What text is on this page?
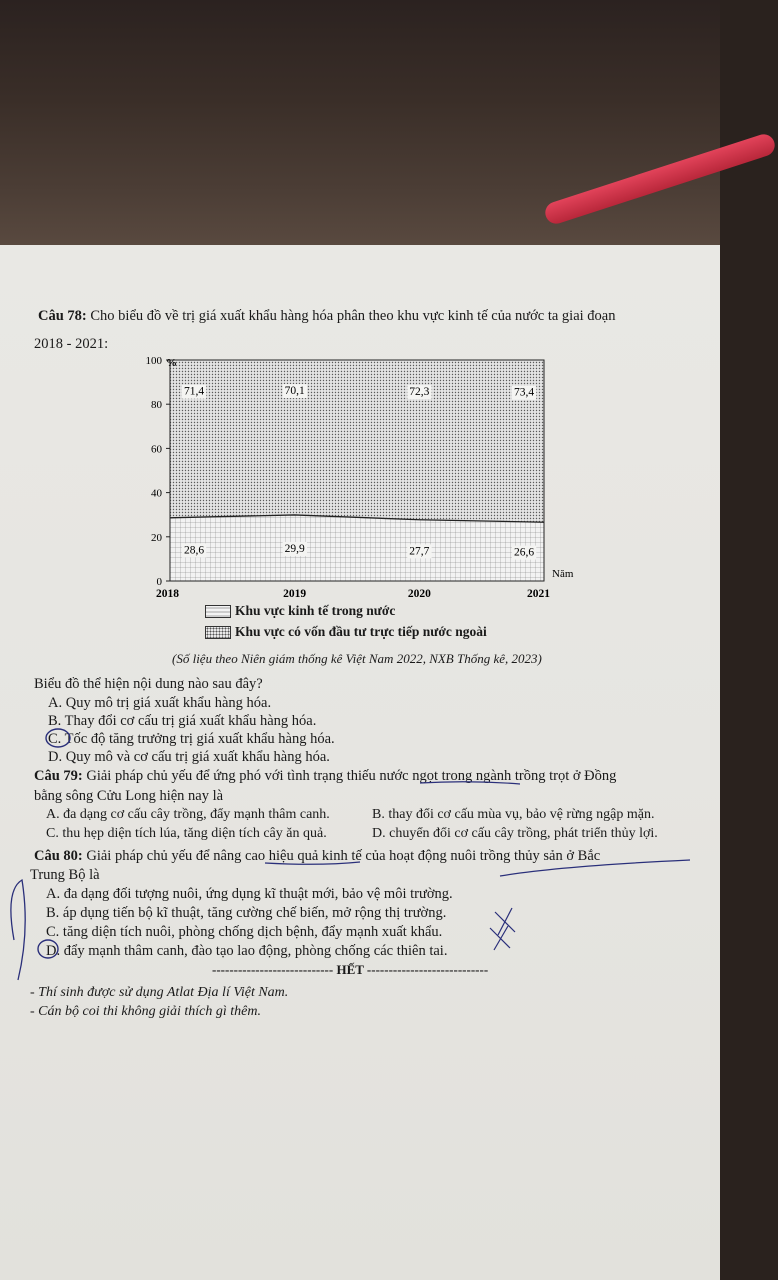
Câu 78: Cho biểu đồ về trị giá xuất khẩu hàng hóa phân theo khu vực kinh tế của nước ta giai đoạn
2018 - 2021:
0
20
40
60
80
100 %
Năm
2018	2019	2020	2021
28,6	29,9	27,7	26,6
71,4	70,1	72,3	73,4
Khu vực kinh tế trong nước
Khu vực có vốn đầu tư trực tiếp nước ngoài
(Số liệu theo Niên giám thống kê Việt Nam 2022, NXB Thống kê, 2023)
Biểu đồ thể hiện nội dung nào sau đây?
A. Quy mô trị giá xuất khẩu hàng hóa.
B. Thay đổi cơ cấu trị giá xuất khẩu hàng hóa.
C. Tốc độ tăng trưởng trị giá xuất khẩu hàng hóa.
D. Quy mô và cơ cấu trị giá xuất khẩu hàng hóa.
Câu 79: Giải pháp chủ yếu để ứng phó với tình trạng thiếu nước ngọt trong ngành trồng trọt ở Đồng
bằng sông Cửu Long hiện nay là
A. đa dạng cơ cấu cây trồng, đẩy mạnh thâm canh.	B. thay đổi cơ cấu mùa vụ, bảo vệ rừng ngập mặn.
C. thu hẹp diện tích lúa, tăng diện tích cây ăn quả.	D. chuyển đổi cơ cấu cây trồng, phát triển thủy lợi.
Câu 80: Giải pháp chủ yếu để nâng cao hiệu quả kinh tế của hoạt động nuôi trồng thủy sản ở Bắc
Trung Bộ là
A. đa dạng đối tượng nuôi, ứng dụng kĩ thuật mới, bảo vệ môi trường.
B. áp dụng tiến bộ kĩ thuật, tăng cường chế biến, mở rộng thị trường.
C. tăng diện tích nuôi, phòng chống dịch bệnh, đẩy mạnh xuất khẩu.
D. đẩy mạnh thâm canh, đào tạo lao động, phòng chống các thiên tai.
---------------------------- HẾT ----------------------------
- Thí sinh được sử dụng Atlat Địa lí Việt Nam.
- Cán bộ coi thi không giải thích gì thêm.
